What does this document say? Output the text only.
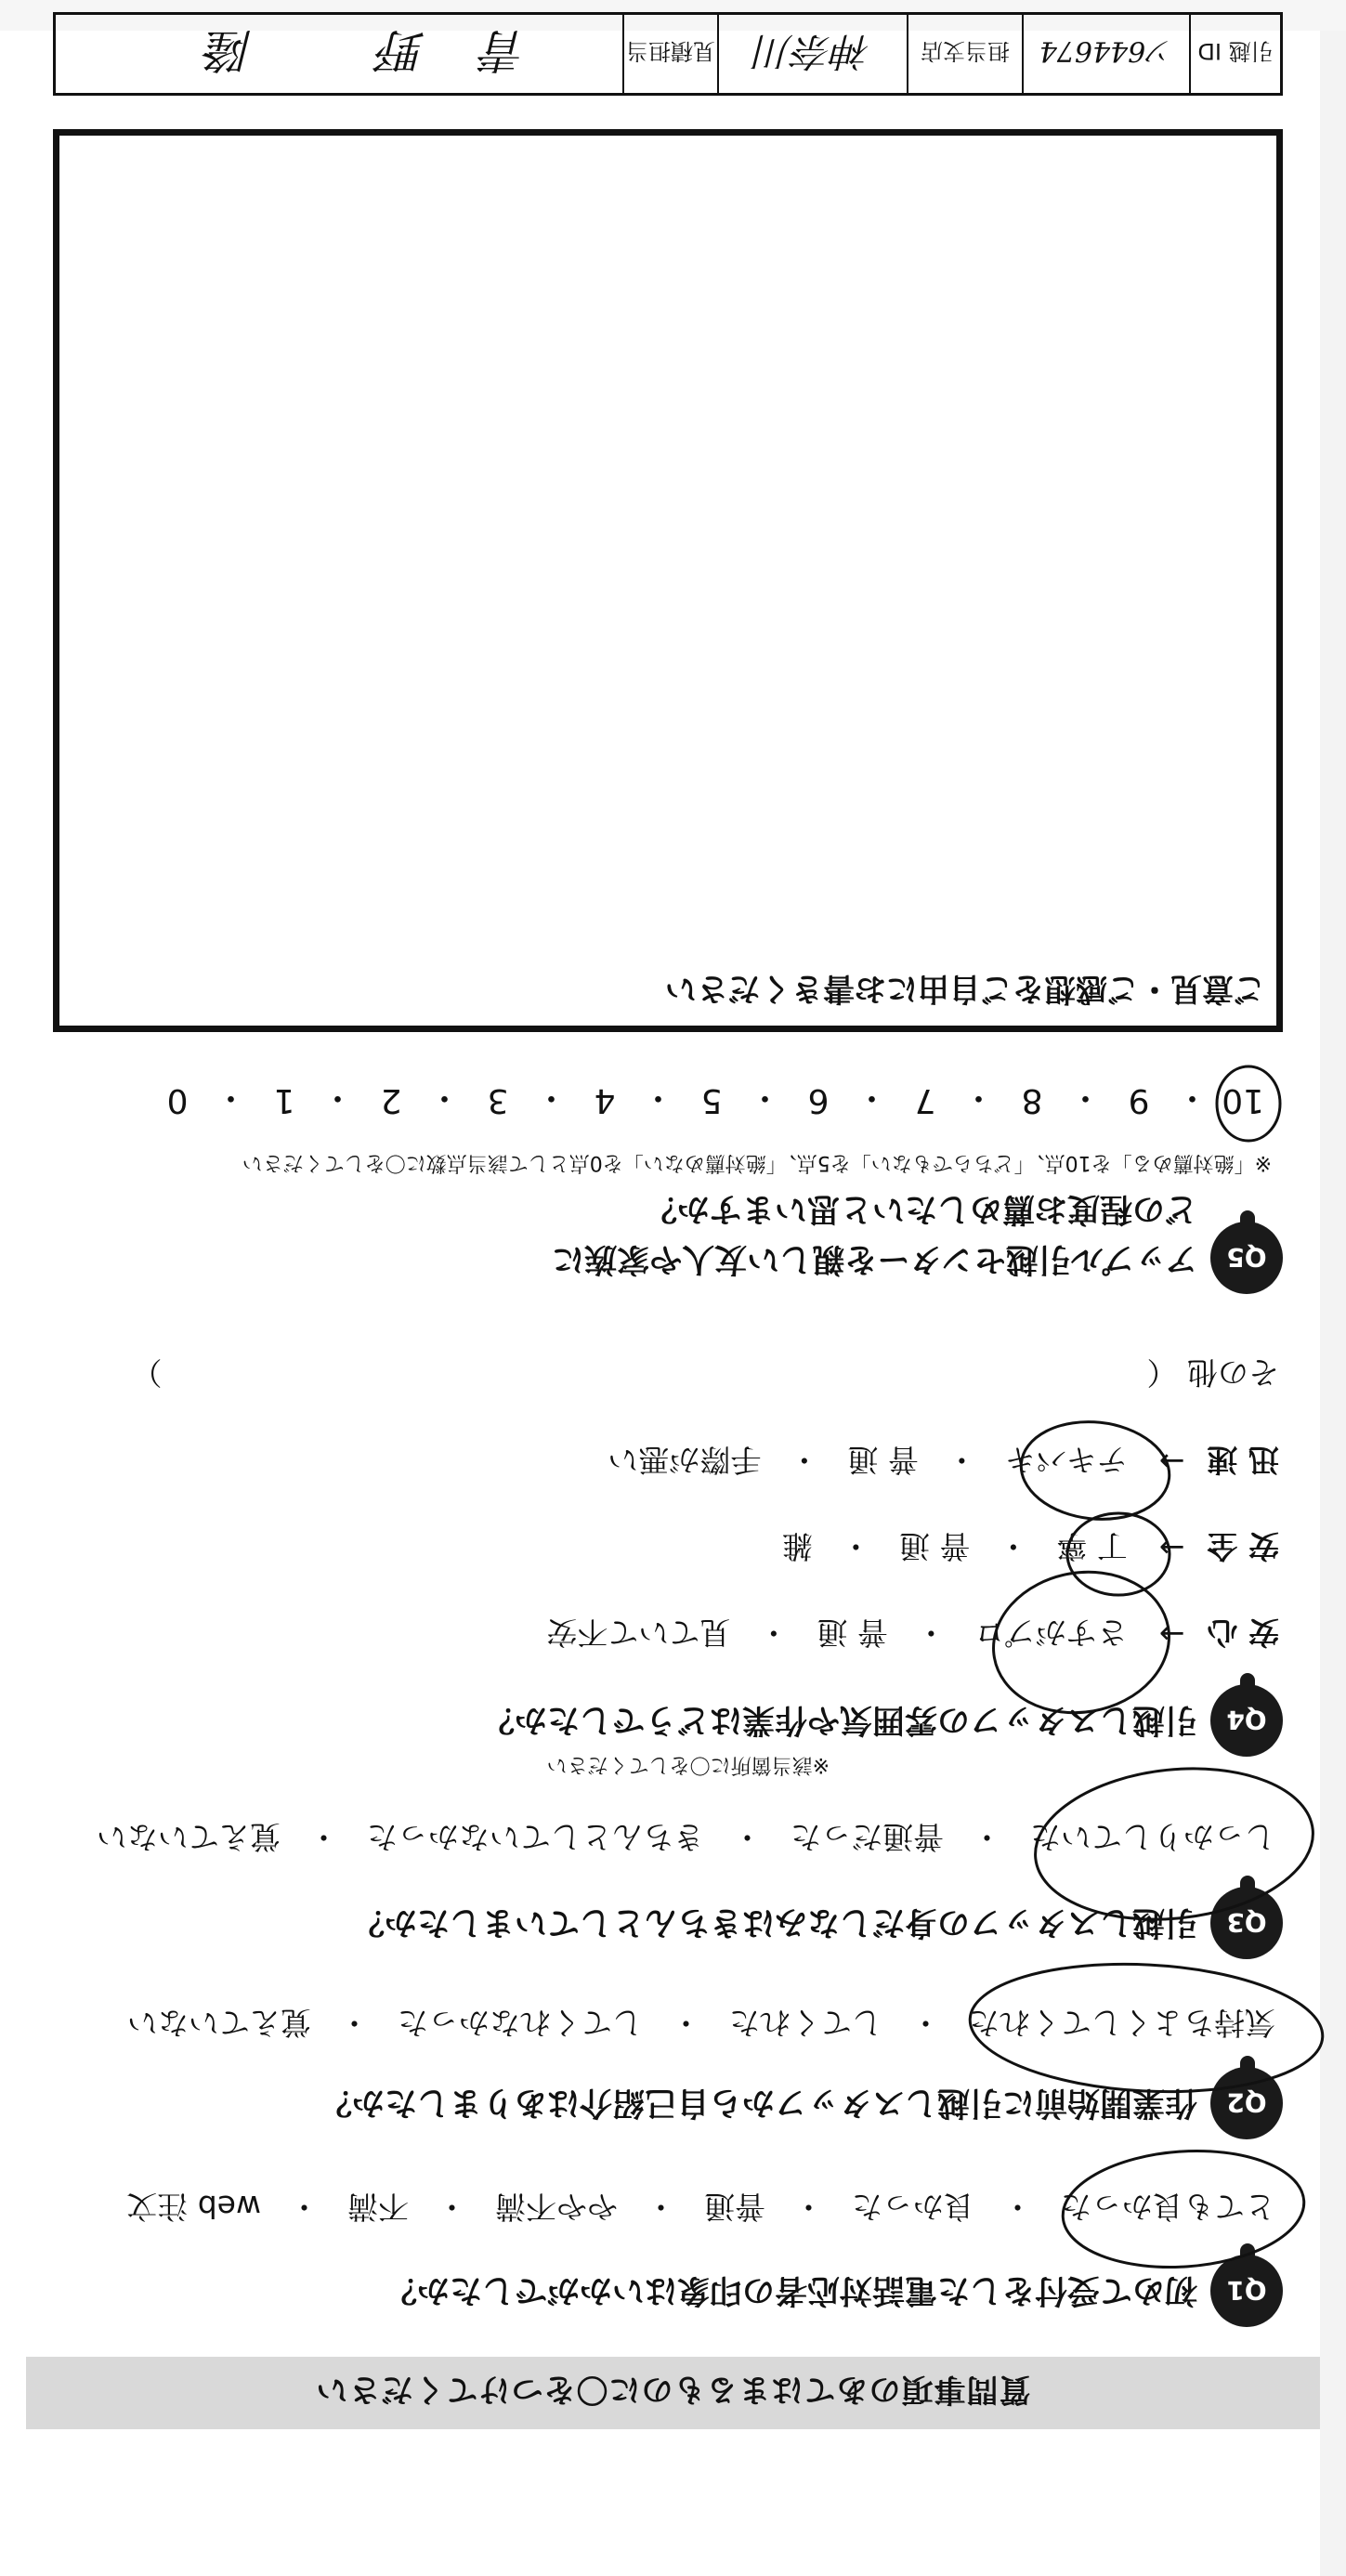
質問事項のあてはまるものに〇をつけてください
Q1
初めて受付をした電話対応者の印象はいかがでしたか？
とても良かった
・
良かった
・
普通
・
やや不満
・
不満
・
web 注文
Q2
作業開始前に引越しスタッフから自己紹介はありましたか？
気持ちよくしてくれた
・
してくれた
・
してくれなかった
・
覚えていない
Q3
引越しスタッフの身だしなみはきちんとしていましたか？
しっかりしていた
・
普通だった
・
きちんとしていなかった
・
覚えていない
Q4
引越しスタッフの雰囲気や作業はどうでしたか？
※該当箇所に〇をしてください
安 心
→
さすがプロ
・
普 通
・
見ていて不安
安 全
→
丁 寧
・
普 通
・
雑
迅 速
→
テキパキ
・
普 通
・
手際が悪い
その他 （
）
Q5
アップル引越センターを親しい友人や家族に
どの程度お薦めしたいと思いますか？
※「絶対薦める」を10点、「どちらでもない」を5点、「絶対薦めない」を0点として該当点数に〇をしてください
10
・
9
・
8
・
7
・
6
・
5
・
4
・
3
・
2
・
1
・
0
ご意見・ご感想をご自由にお書きください
引越 ID
ソ644674
担当支店
神奈川
見積担当
青野 隆
